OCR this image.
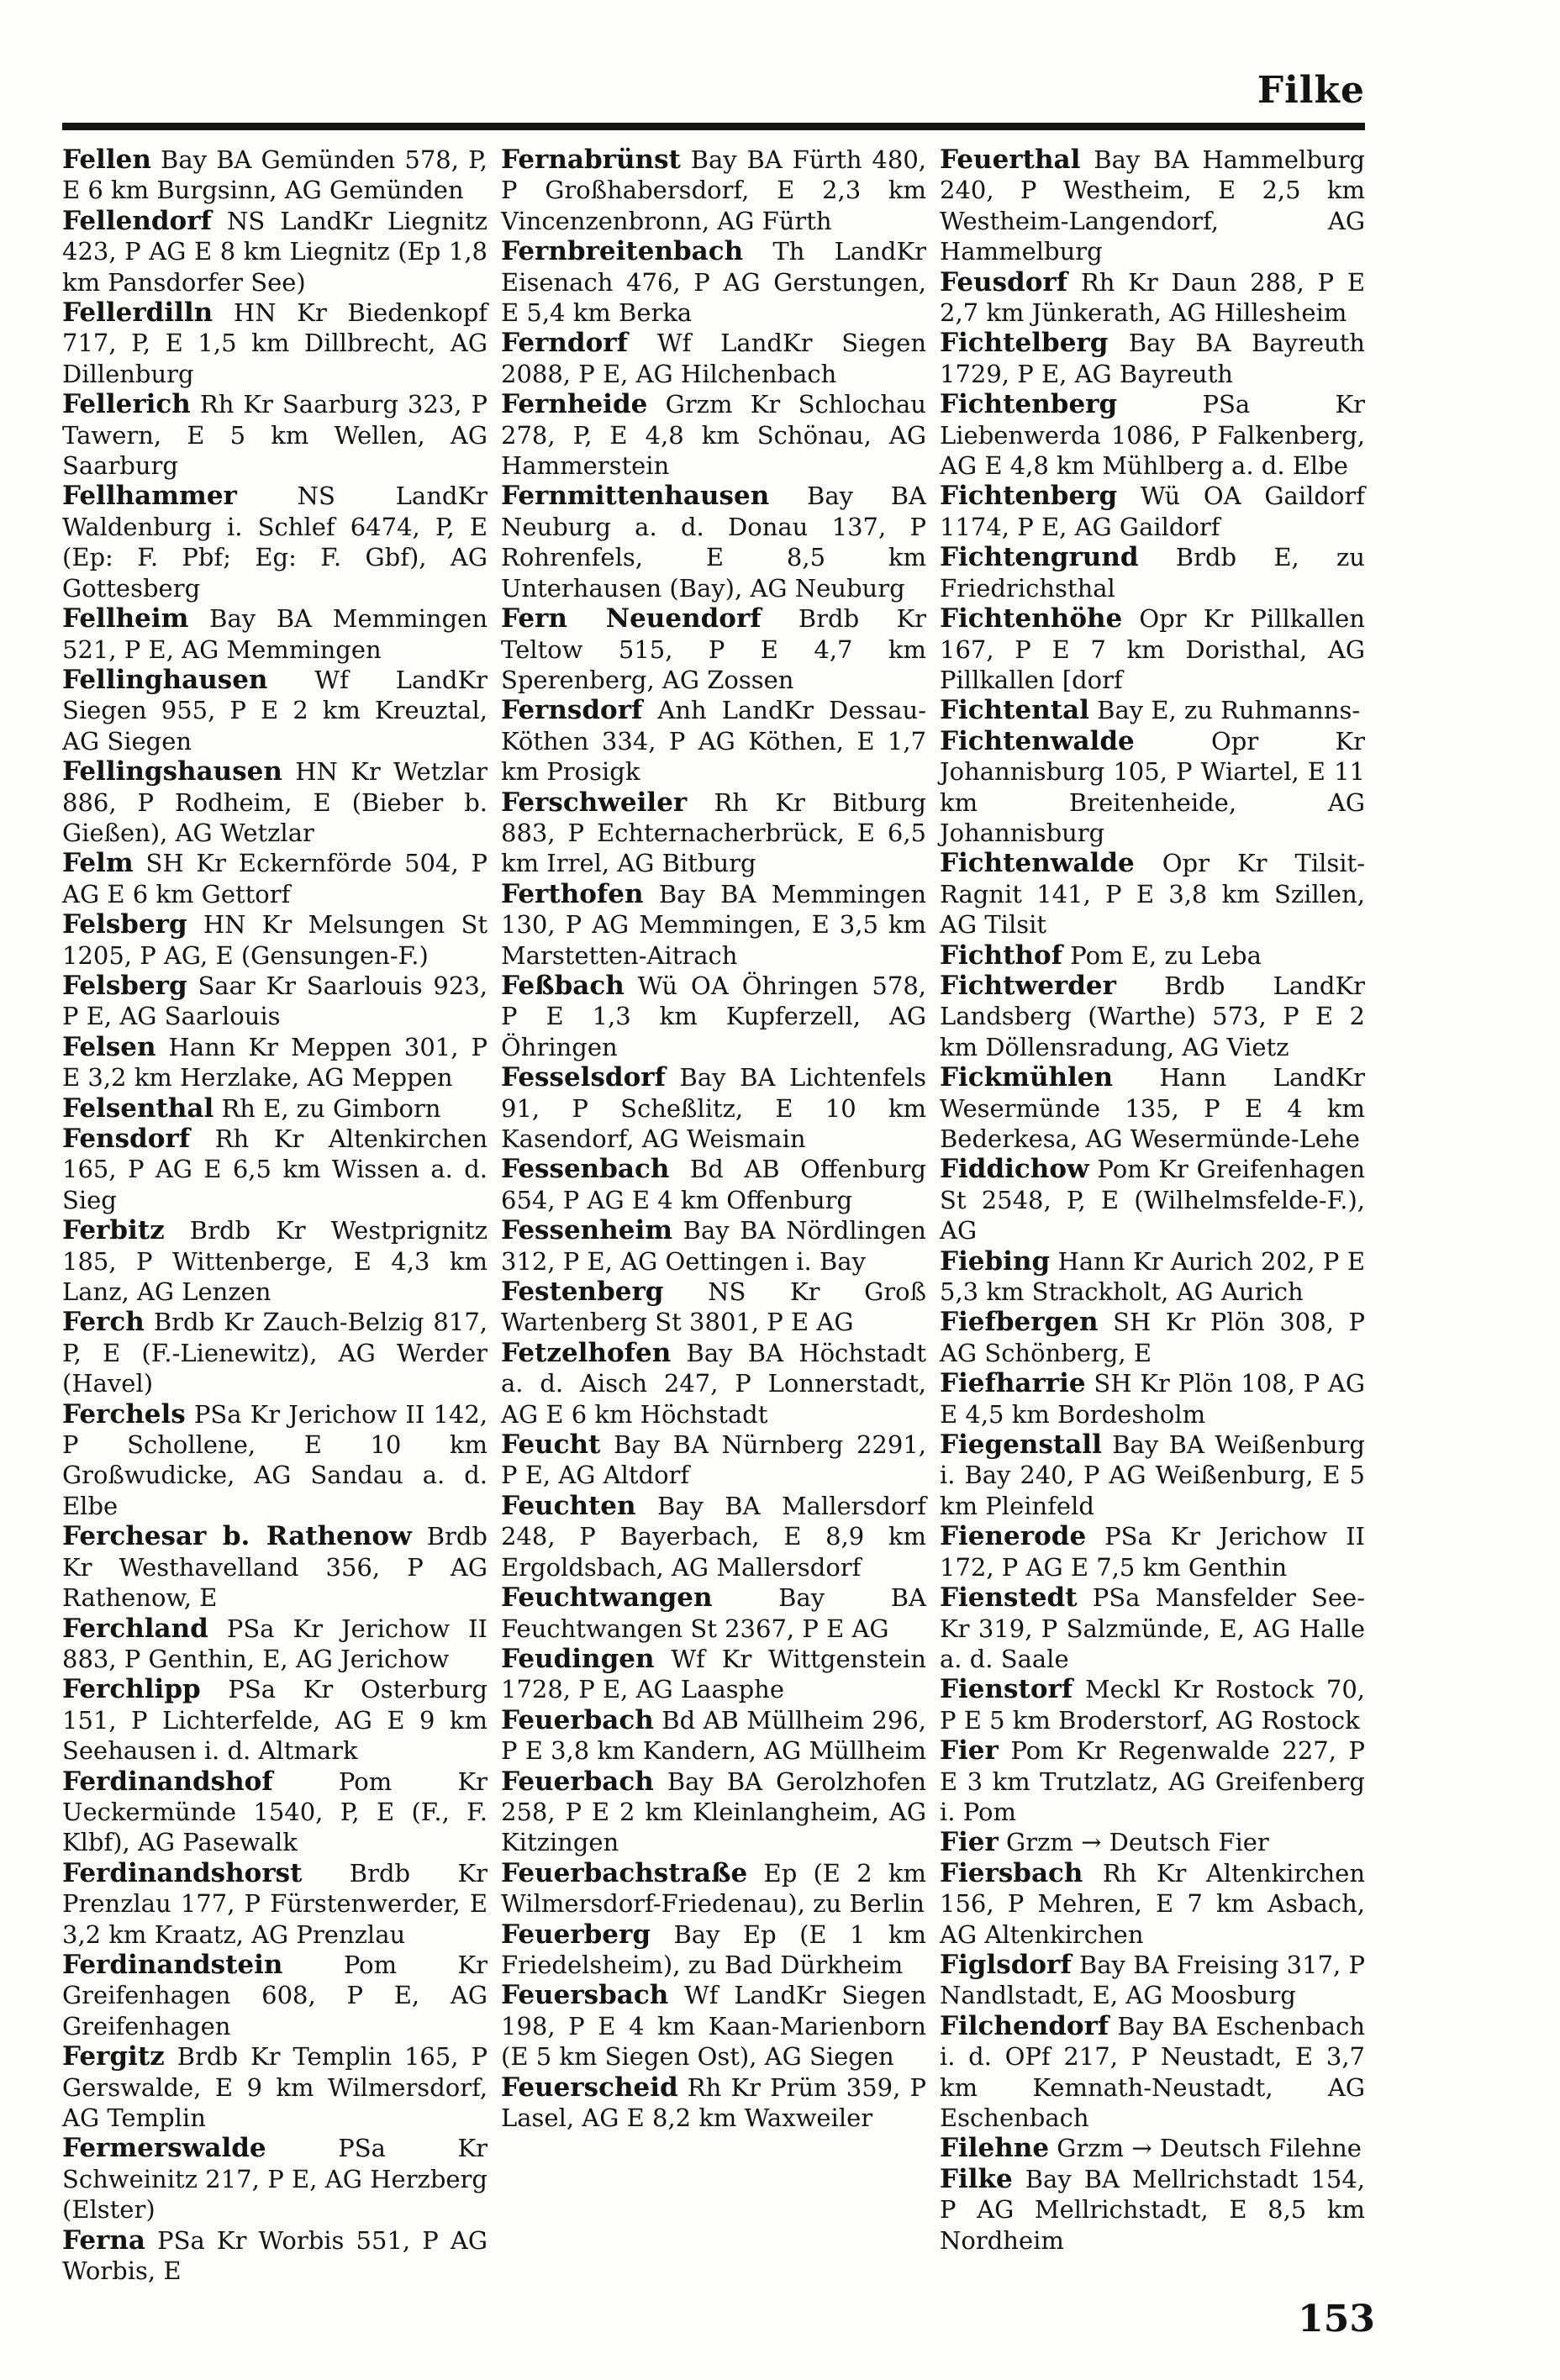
Filke

Fellen Bay BA Gemünden 578, P, E 6 km Burgsinn, AG Gemünden

Fellendorf NS LandKr Liegnitz 423, P AG E 8 km Liegnitz (Ep 1,8 km Pansdorfer See)

Fellerdilln HN Kr Biedenkopf 717, P, E 1,5 km Dillbrecht, AG Dillenburg

Fellerich Rh Kr Saarburg 323, P Tawern, E 5 km Wellen, AG Saarburg

Fellhammer NS LandKr Waldenburg i. Schlef 6474, P, E (Ep: F. Pbf; Eg: F. Gbf), AG Gottesberg

Fellheim Bay BA Memmingen 521, P E, AG Memmingen

Fellinghausen Wf LandKr Siegen 955, P E 2 km Kreuztal, AG Siegen

Fellingshausen HN Kr Wetzlar 886, P Rodheim, E (Bieber b. Gießen), AG Wetzlar

Felm SH Kr Eckernförde 504, P AG E 6 km Gettorf

Felsberg HN Kr Melsungen St 1205, P AG, E (Gensungen-F.)

Felsberg Saar Kr Saarlouis 923, P E, AG Saarlouis

Felsen Hann Kr Meppen 301, P E 3,2 km Herzlake, AG Meppen

Felsenthal Rh E, zu Gimborn

Fensdorf Rh Kr Altenkirchen 165, P AG E 6,5 km Wissen a. d. Sieg

Ferbitz Brdb Kr Westprignitz 185, P Wittenberge, E 4,3 km Lanz, AG Lenzen

Ferch Brdb Kr Zauch-Belzig 817, P, E (F.-Lienewitz), AG Werder (Havel)

Ferchels PSa Kr Jerichow II 142, P Schollene, E 10 km Großwudicke, AG Sandau a. d. Elbe

Ferchesar b. Rathenow Brdb Kr Westhavelland 356, P AG Rathenow, E

Ferchland PSa Kr Jerichow II 883, P Genthin, E, AG Jerichow

Ferchlipp PSa Kr Osterburg 151, P Lichterfelde, AG E 9 km Seehausen i. d. Altmark

Ferdinandshof Pom Kr Ueckermünde 1540, P, E (F., F. Klbf), AG Pasewalk

Ferdinandshorst Brdb Kr Prenzlau 177, P Fürstenwerder, E 3,2 km Kraatz, AG Prenzlau

Ferdinandstein Pom Kr Greifenhagen 608, P E, AG Greifenhagen

Fergitz Brdb Kr Templin 165, P Gerswalde, E 9 km Wilmersdorf, AG Templin

Fermerswalde PSa Kr Schweinitz 217, P E, AG Herzberg (Elster)

Ferna PSa Kr Worbis 551, P AG Worbis, E

Fernabrünst Bay BA Fürth 480, P Großhabersdorf, E 2,3 km Vincenzenbronn, AG Fürth

Fernbreitenbach Th LandKr Eisenach 476, P AG Gerstungen, E 5,4 km Berka

Ferndorf Wf LandKr Siegen 2088, P E, AG Hilchenbach

Fernheide Grzm Kr Schlochau 278, P, E 4,8 km Schönau, AG Hammerstein

Fernmittenhausen Bay BA Neuburg a. d. Donau 137, P Rohrenfels, E 8,5 km Unterhausen (Bay), AG Neuburg

Fern Neuendorf Brdb Kr Teltow 515, P E 4,7 km Sperenberg, AG Zossen

Fernsdorf Anh LandKr Dessau-Köthen 334, P AG Köthen, E 1,7 km Prosigk

Ferschweiler Rh Kr Bitburg 883, P Echternacherbrück, E 6,5 km Irrel, AG Bitburg

Ferthofen Bay BA Memmingen 130, P AG Memmingen, E 3,5 km Marstetten-Aitrach

Feßbach Wü OA Öhringen 578, P E 1,3 km Kupferzell, AG Öhringen

Fesselsdorf Bay BA Lichtenfels 91, P Scheßlitz, E 10 km Kasendorf, AG Weismain

Fessenbach Bd AB Offenburg 654, P AG E 4 km Offenburg

Fessenheim Bay BA Nördlingen 312, P E, AG Oettingen i. Bay

Festenberg NS Kr Groß Wartenberg St 3801, P E AG

Fetzelhofen Bay BA Höchstadt a. d. Aisch 247, P Lonnerstadt, AG E 6 km Höchstadt

Feucht Bay BA Nürnberg 2291, P E, AG Altdorf

Feuchten Bay BA Mallersdorf 248, P Bayerbach, E 8,9 km Ergoldsbach, AG Mallersdorf

Feuchtwangen Bay BA Feuchtwangen St 2367, P E AG

Feudingen Wf Kr Wittgenstein 1728, P E, AG Laasphe

Feuerbach Bd AB Müllheim 296, P E 3,8 km Kandern, AG Müllheim

Feuerbach Bay BA Gerolzhofen 258, P E 2 km Kleinlangheim, AG Kitzingen

Feuerbachstraße Ep (E 2 km Wilmersdorf-Friedenau), zu Berlin

Feuerberg Bay Ep (E 1 km Friedelsheim), zu Bad Dürkheim

Feuersbach Wf LandKr Siegen 198, P E 4 km Kaan-Marienborn (E 5 km Siegen Ost), AG Siegen

Feuerscheid Rh Kr Prüm 359, P Lasel, AG E 8,2 km Waxweiler

Feuerthal Bay BA Hammelburg 240, P Westheim, E 2,5 km Westheim-Langendorf, AG Hammelburg

Feusdorf Rh Kr Daun 288, P E 2,7 km Jünkerath, AG Hillesheim

Fichtelberg Bay BA Bayreuth 1729, P E, AG Bayreuth

Fichtenberg PSa Kr Liebenwerda 1086, P Falkenberg, AG E 4,8 km Mühlberg a. d. Elbe

Fichtenberg Wü OA Gaildorf 1174, P E, AG Gaildorf

Fichtengrund Brdb E, zu Friedrichsthal

Fichtenhöhe Opr Kr Pillkallen 167, P E 7 km Doristhal, AG Pillkallen [dorf

Fichtental Bay E, zu Ruhmanns-

Fichtenwalde Opr Kr Johannisburg 105, P Wiartel, E 11 km Breitenheide, AG Johannisburg

Fichtenwalde Opr Kr Tilsit-Ragnit 141, P E 3,8 km Szillen, AG Tilsit

Fichthof Pom E, zu Leba

Fichtwerder Brdb LandKr Landsberg (Warthe) 573, P E 2 km Döllensradung, AG Vietz

Fickmühlen Hann LandKr Wesermünde 135, P E 4 km Bederkesa, AG Wesermünde-Lehe

Fiddichow Pom Kr Greifenhagen St 2548, P, E (Wilhelmsfelde-F.), AG

Fiebing Hann Kr Aurich 202, P E 5,3 km Strackholt, AG Aurich

Fiefbergen SH Kr Plön 308, P AG Schönberg, E

Fiefharrie SH Kr Plön 108, P AG E 4,5 km Bordesholm

Fiegenstall Bay BA Weißenburg i. Bay 240, P AG Weißenburg, E 5 km Pleinfeld

Fienerode PSa Kr Jerichow II 172, P AG E 7,5 km Genthin

Fienstedt PSa Mansfelder See-Kr 319, P Salzmünde, E, AG Halle a. d. Saale

Fienstorf Meckl Kr Rostock 70, P E 5 km Broderstorf, AG Rostock

Fier Pom Kr Regenwalde 227, P E 3 km Trutzlatz, AG Greifenberg i. Pom

Fier Grzm → Deutsch Fier

Fiersbach Rh Kr Altenkirchen 156, P Mehren, E 7 km Asbach, AG Altenkirchen

Figlsdorf Bay BA Freising 317, P Nandlstadt, E, AG Moosburg

Filchendorf Bay BA Eschenbach i. d. OPf 217, P Neustadt, E 3,7 km Kemnath-Neustadt, AG Eschenbach

Filehne Grzm → Deutsch Filehne

Filke Bay BA Mellrichstadt 154, P AG Mellrichstadt, E 8,5 km Nordheim

153
